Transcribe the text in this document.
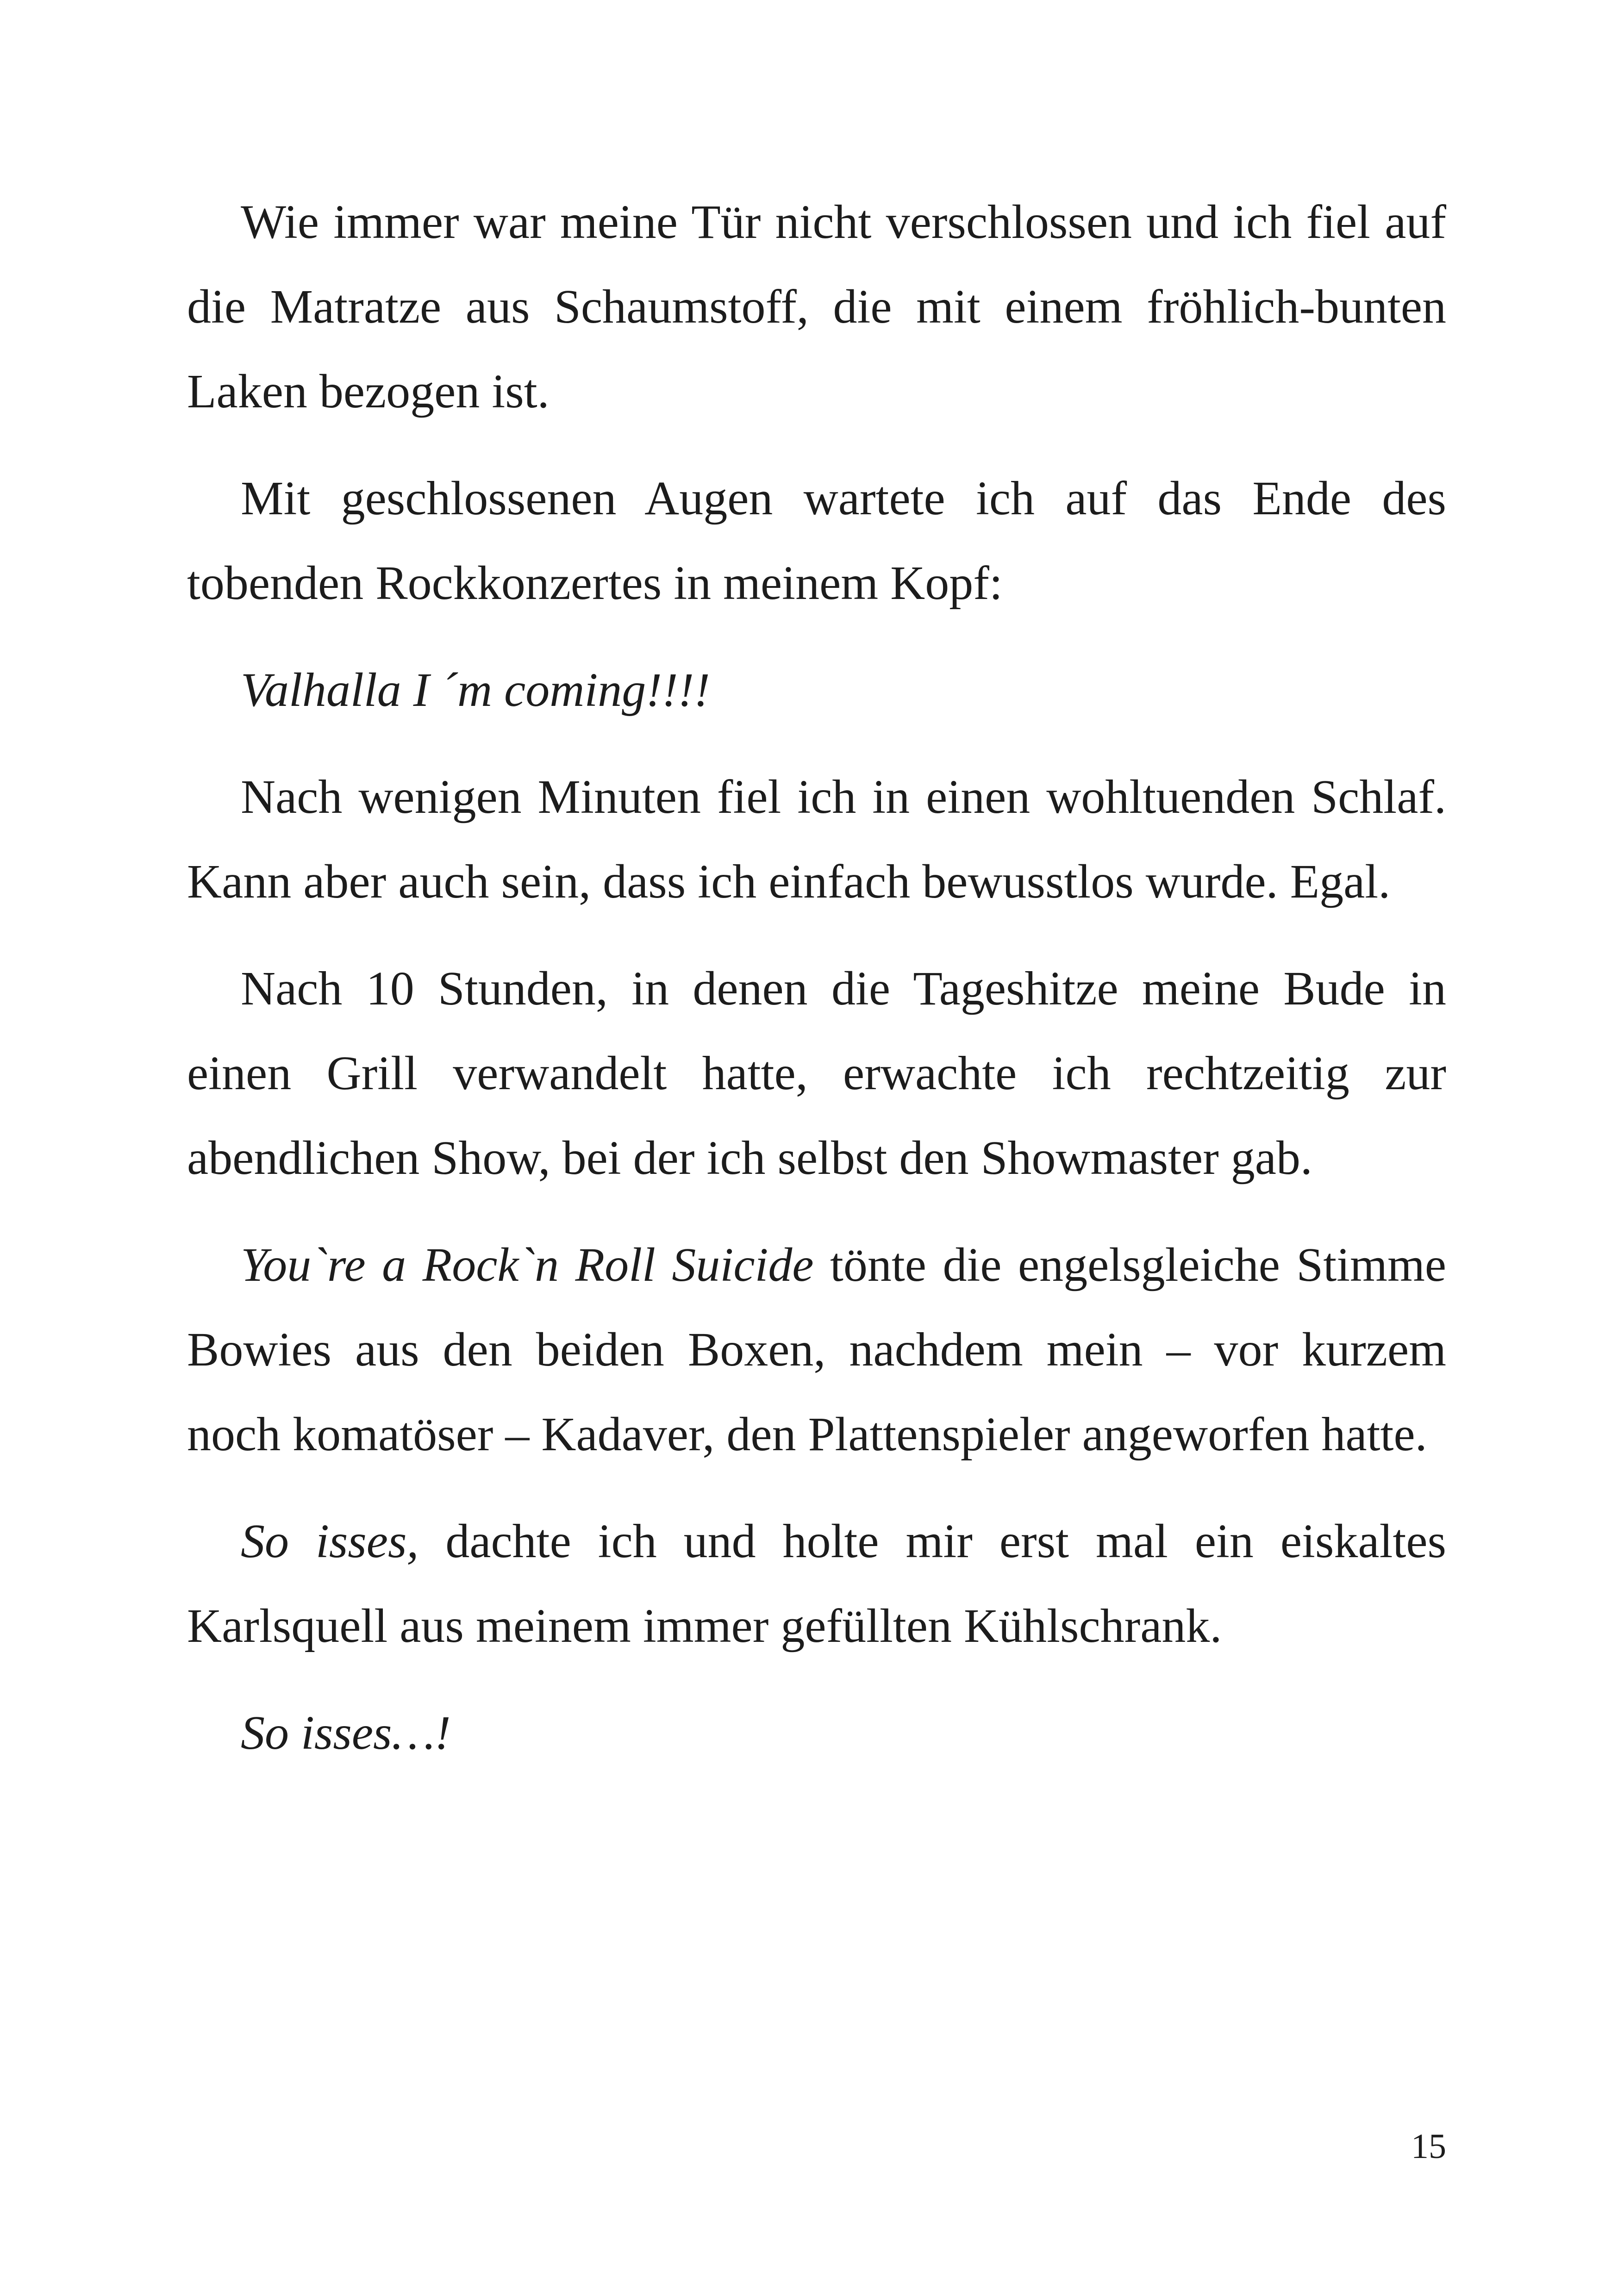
Wie immer war meine Tür nicht verschlossen und ich fiel auf die Matratze aus Schaumstoff, die mit einem fröhlich-bunten Laken bezogen ist.

Mit geschlossenen Augen wartete ich auf das Ende des tobenden Rockkonzertes in meinem Kopf:

Valhalla I ´m coming!!!!

Nach wenigen Minuten fiel ich in einen wohltuenden Schlaf. Kann aber auch sein, dass ich einfach bewusstlos wurde. Egal.

Nach 10 Stunden, in denen die Tageshitze meine Bude in einen Grill verwandelt hatte, erwachte ich rechtzeitig zur abendlichen Show, bei der ich selbst den Showmaster gab.

You`re a Rock`n Roll Suicide tönte die engelsgleiche Stimme Bowies aus den beiden Boxen, nachdem mein – vor kurzem noch komatöser – Kadaver, den Plattenspieler angeworfen hatte.

So isses, dachte ich und holte mir erst mal ein eiskaltes Karlsquell aus meinem immer gefüllten Kühlschrank.

So isses…!

15
